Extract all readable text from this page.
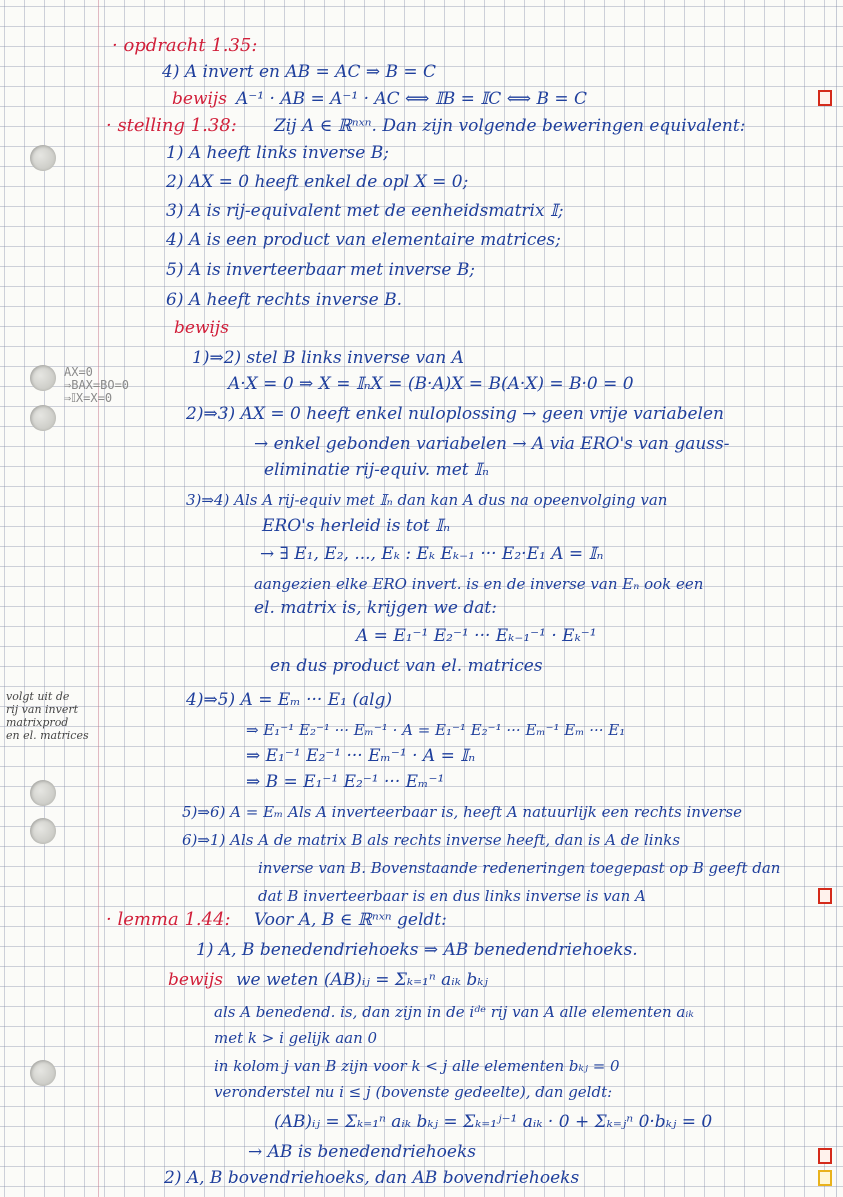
· opdracht 1.35:
4) A invert en AB = AC ⇒ B = C
bewijs A⁻¹ · AB = A⁻¹ · AC ⟺ 𝕀B = 𝕀C ⟺ B = C
· stelling 1.38: Zij A ∈ ℝⁿˣⁿ. Dan zijn volgende beweringen equivalent:
1) A heeft links inverse B;
2) AX = 0 heeft enkel de opl X = 0;
3) A is rij-equivalent met de eenheidsmatrix 𝕀;
4) A is een product van elementaire matrices;
5) A is inverteerbaar met inverse B;
6) A heeft rechts inverse B.
bewijs
AX=0
⇒BAX=BO=0
⇒𝕀X=X=0
1)⇒2) stel B links inverse van A
A·X = 0 ⇒ X = 𝕀ₙX = (B·A)X = B(A·X) = B·0 = 0
2)⇒3) AX = 0 heeft enkel nuloplossing → geen vrije variabelen
→ enkel gebonden variabelen → A via ERO's van gauss-
eliminatie rij-equiv. met 𝕀ₙ
3)⇒4) Als A rij-equiv met 𝕀ₙ dan kan A dus na opeenvolging van
ERO's herleid is tot 𝕀ₙ
→ ∃ E₁, E₂, ..., Eₖ : Eₖ Eₖ₋₁ ··· E₂·E₁ A = 𝕀ₙ
aangezien elke ERO invert. is en de inverse van Eₙ ook een
el. matrix is, krijgen we dat:
A = E₁⁻¹ E₂⁻¹ ··· Eₖ₋₁⁻¹ · Eₖ⁻¹
en dus product van el. matrices
volgt uit de
rij van invert
matrixprod
en el. matrices
4)⇒5) A = Eₘ ··· E₁ (alg)
⇒ E₁⁻¹ E₂⁻¹ ··· Eₘ⁻¹ · A = E₁⁻¹ E₂⁻¹ ··· Eₘ⁻¹ Eₘ ··· E₁
⇒ E₁⁻¹ E₂⁻¹ ··· Eₘ⁻¹ · A = 𝕀ₙ
⇒ B = E₁⁻¹ E₂⁻¹ ··· Eₘ⁻¹
5)⇒6) A = Eₘ Als A inverteerbaar is, heeft A natuurlijk een rechts inverse
6)⇒1) Als A de matrix B als rechts inverse heeft, dan is A de links
inverse van B. Bovenstaande redeneringen toegepast op B geeft dan
dat B inverteerbaar is en dus links inverse is van A
· lemma 1.44: Voor A, B ∈ ℝⁿˣⁿ geldt:
1) A, B benedendriehoeks ⇒ AB benedendriehoeks.
bewijs we weten (AB)ᵢⱼ = Σₖ₌₁ⁿ aᵢₖ bₖⱼ
als A benedend. is, dan zijn in de iᵈᵉ rij van A alle elementen aᵢₖ
met k > i gelijk aan 0
in kolom j van B zijn voor k < j alle elementen bₖⱼ = 0
veronderstel nu i ≤ j (bovenste gedeelte), dan geldt:
(AB)ᵢⱼ = Σₖ₌₁ⁿ aᵢₖ bₖⱼ = Σₖ₌₁ʲ⁻¹ aᵢₖ · 0 + Σₖ₌ⱼⁿ 0·bₖⱼ = 0
→ AB is benedendriehoeks
2) A, B bovendriehoeks, dan AB bovendriehoeks
